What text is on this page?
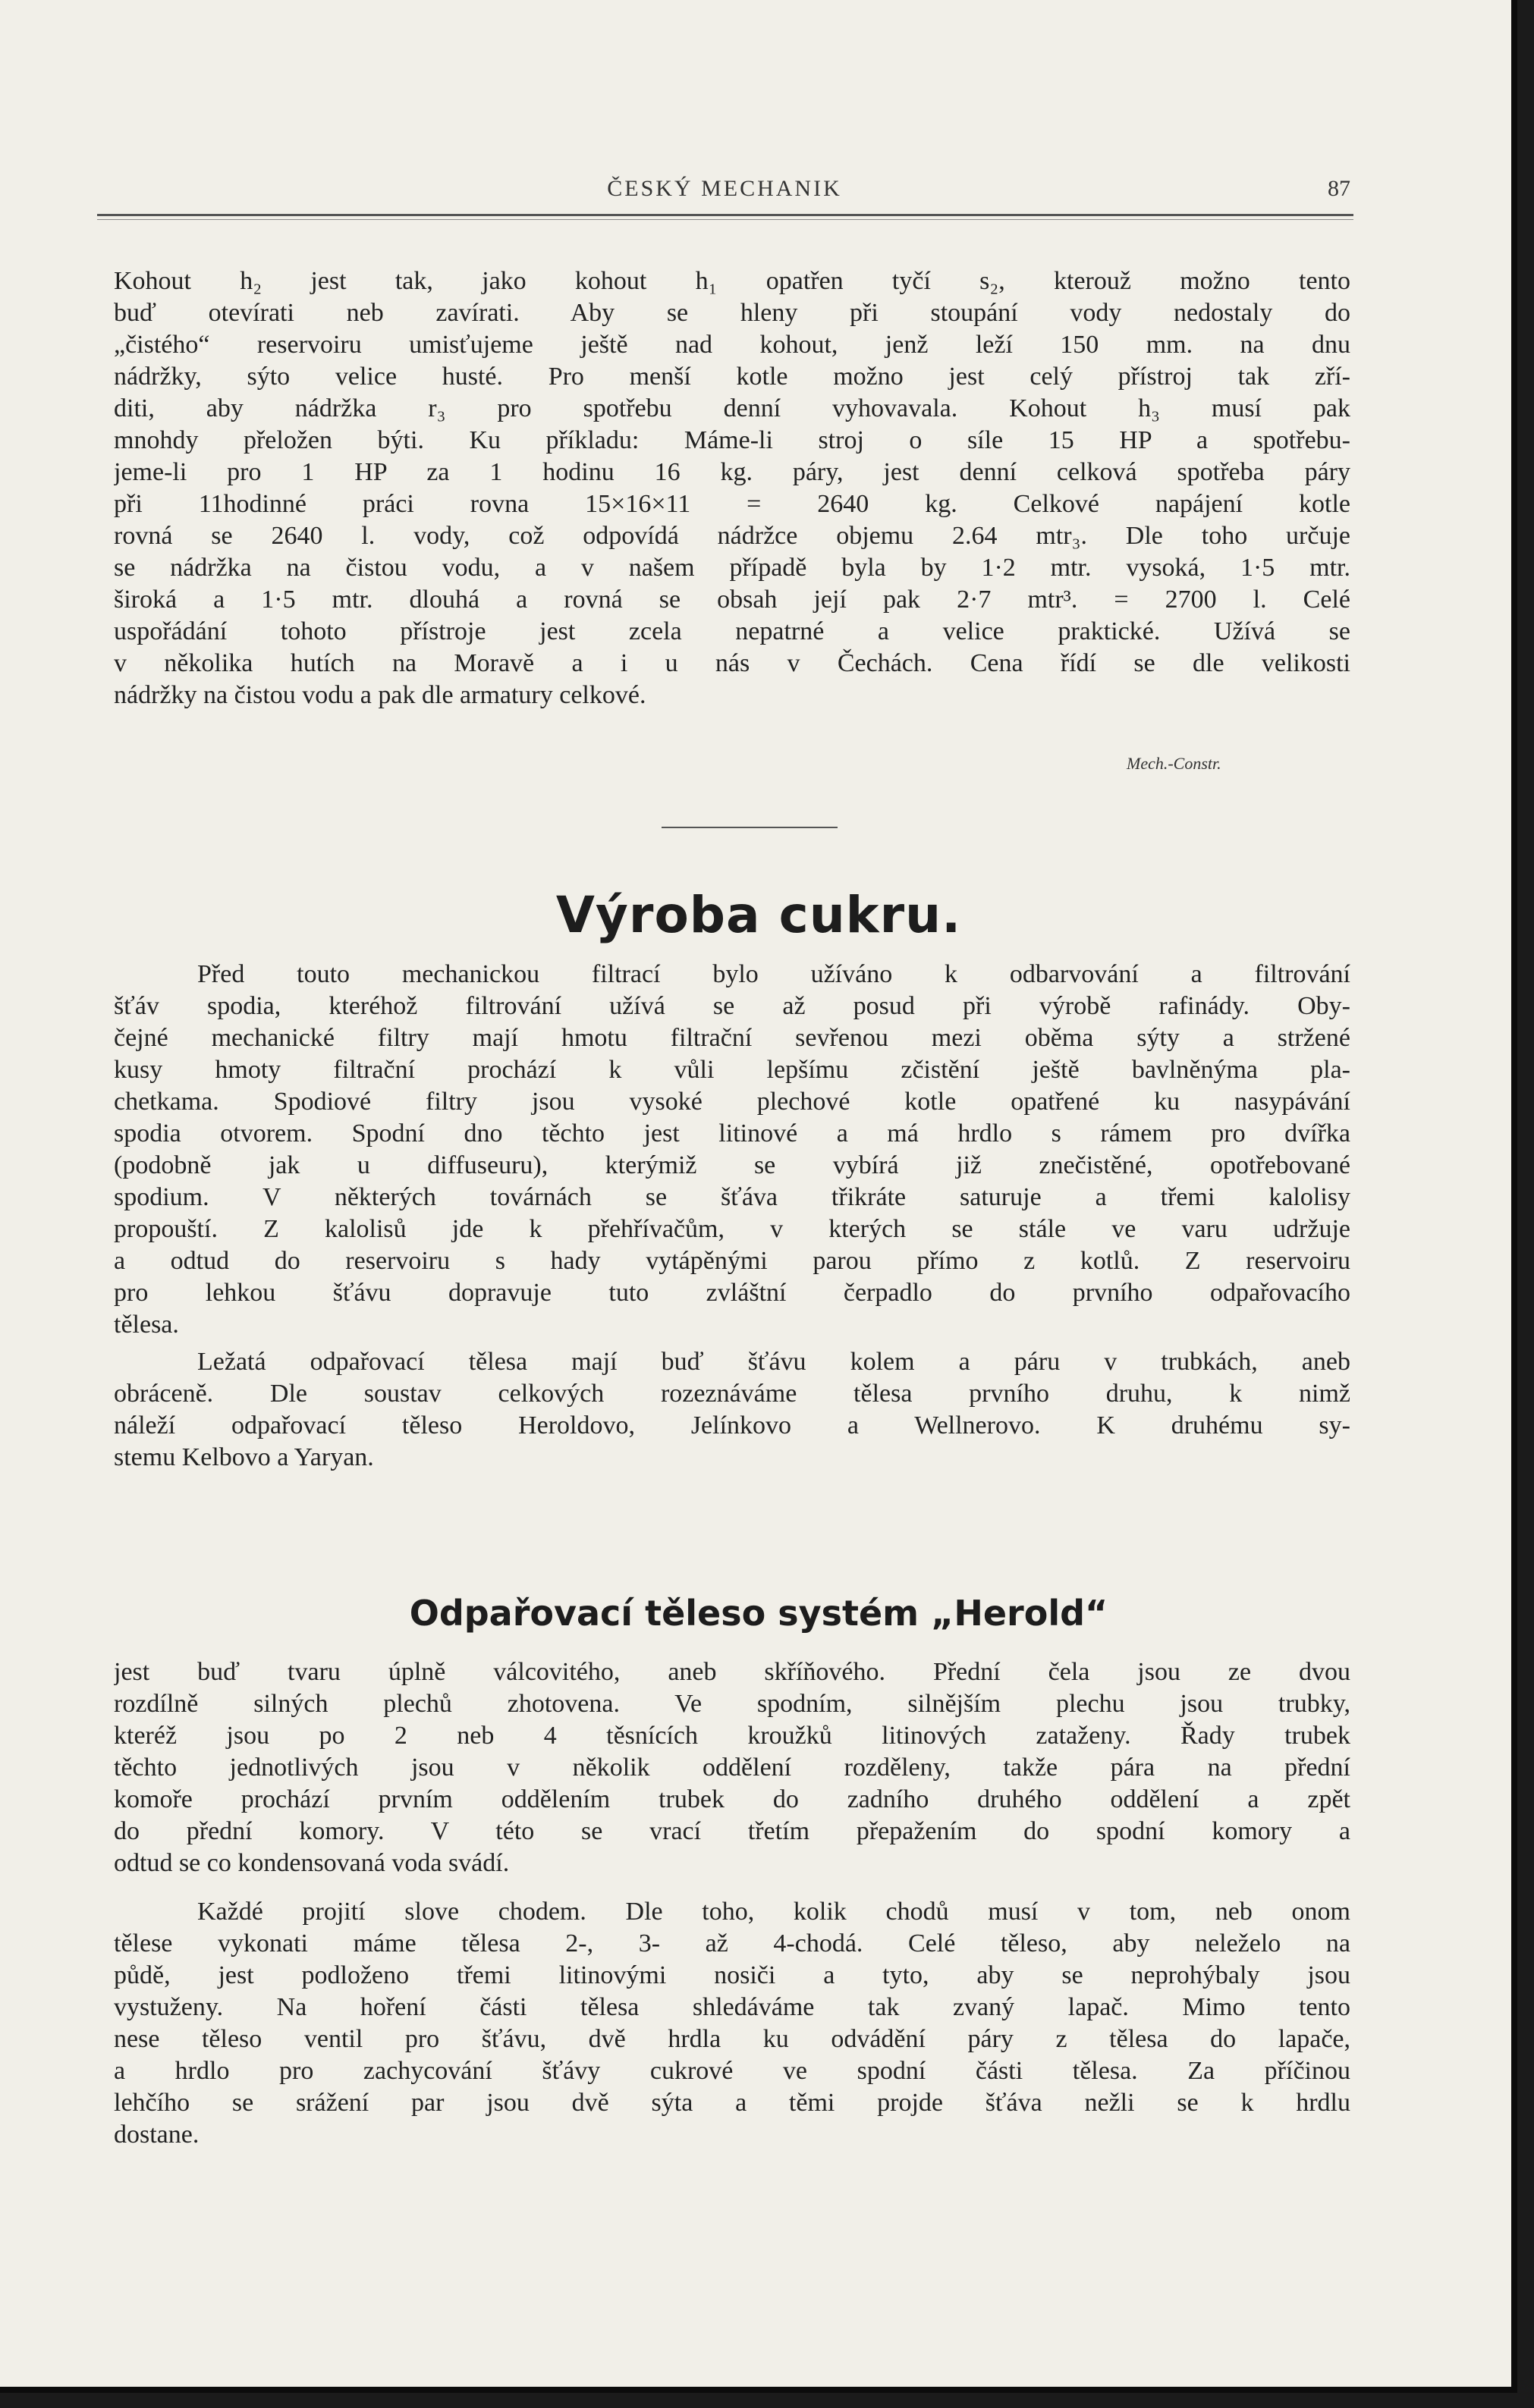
ČESKÝ MECHANIK	87
Kohout h₂ jest tak, jako kohout h₁ opatřen tyčí s₂, kterouž možno tento
buď otevírati neb zavírati. Aby se hleny při stoupání vody nedostaly do
„čistého“ reservoiru umisťujeme ještě nad kohout, jenž leží 150 mm. na dnu
nádržky, sýto velice husté. Pro menší kotle možno jest celý přístroj tak zří-
diti, aby nádržka r₃ pro spotřebu denní vyhovavala. Kohout h₃ musí pak
mnohdy přeložen býti. Ku příkladu: Máme-li stroj o síle 15 HP a spotřebu-
jeme-li pro 1 HP za 1 hodinu 16 kg. páry, jest denní celková spotřeba páry
při 11hodinné práci rovna 15×16×11 = 2640 kg. Celkové napájení kotle
rovná se 2640 l. vody, což odpovídá nádržce objemu 2.64 mtr₃. Dle toho určuje
se nádržka na čistou vodu, a v našem případě byla by 1·2 mtr. vysoká, 1·5 mtr.
široká a 1·5 mtr. dlouhá a rovná se obsah její pak 2·7 mtr³. = 2700 l. Celé
uspořádání tohoto přístroje jest zcela nepatrné a velice praktické. Užívá se
v několika hutích na Moravě a i u nás v Čechách. Cena řídí se dle velikosti
nádržky na čistou vodu a pak dle armatury celkové.
Mech.-Constr.
Výroba cukru.
Před touto mechanickou filtrací bylo užíváno k odbarvování a filtrování
šťáv spodia, kteréhož filtrování užívá se až posud při výrobě rafinády. Oby-
čejné mechanické filtry mají hmotu filtrační sevřenou mezi oběma sýty a stržené
kusy hmoty filtrační prochází k vůli lepšímu zčistění ještě bavlněnýma pla-
chetkama. Spodiové filtry jsou vysoké plechové kotle opatřené ku nasypávání
spodia otvorem. Spodní dno těchto jest litinové a má hrdlo s rámem pro dvířka
(podobně jak u diffuseuru), kterýmiž se vybírá již znečistěné, opotřebované
spodium. V některých továrnách se šťáva třikráte saturuje a třemi kalolisy
propouští. Z kalolisů jde k přehřívačům, v kterých se stále ve varu udržuje
a odtud do reservoiru s hady vytápěnými parou přímo z kotlů. Z reservoiru
pro lehkou šťávu dopravuje tuto zvláštní čerpadlo do prvního odpařovacího
tělesa.
Ležatá odpařovací tělesa mají buď šťávu kolem a páru v trubkách, aneb
obráceně. Dle soustav celkových rozeznáváme tělesa prvního druhu, k nimž
náleží odpařovací těleso Heroldovo, Jelínkovo a Wellnerovo. K druhému sy-
stemu Kelbovo a Yaryan.
Odpařovací těleso systém „Herold“
jest buď tvaru úplně válcovitého, aneb skříňového. Přední čela jsou ze dvou
rozdílně silných plechů zhotovena. Ve spodním, silnějším plechu jsou trubky,
kteréž jsou po 2 neb 4 těsnících kroužků litinových zataženy. Řady trubek
těchto jednotlivých jsou v několik oddělení rozděleny, takže pára na přední
komoře prochází prvním oddělením trubek do zadního druhého oddělení a zpět
do přední komory. V této se vrací třetím přepažením do spodní komory a
odtud se co kondensovaná voda svádí.
Každé projití slove chodem. Dle toho, kolik chodů musí v tom, neb onom
tělese vykonati máme tělesa 2-, 3- až 4-chodá. Celé těleso, aby neleželo na
půdě, jest podloženo třemi litinovými nosiči a tyto, aby se neprohýbaly jsou
vystuženy. Na hoření části tělesa shledáváme tak zvaný lapač. Mimo tento
nese těleso ventil pro šťávu, dvě hrdla ku odvádění páry z tělesa do lapače,
a hrdlo pro zachycování šťávy cukrové ve spodní části tělesa. Za příčinou
lehčího se srážení par jsou dvě sýta a těmi projde šťáva nežli se k hrdlu
dostane.
